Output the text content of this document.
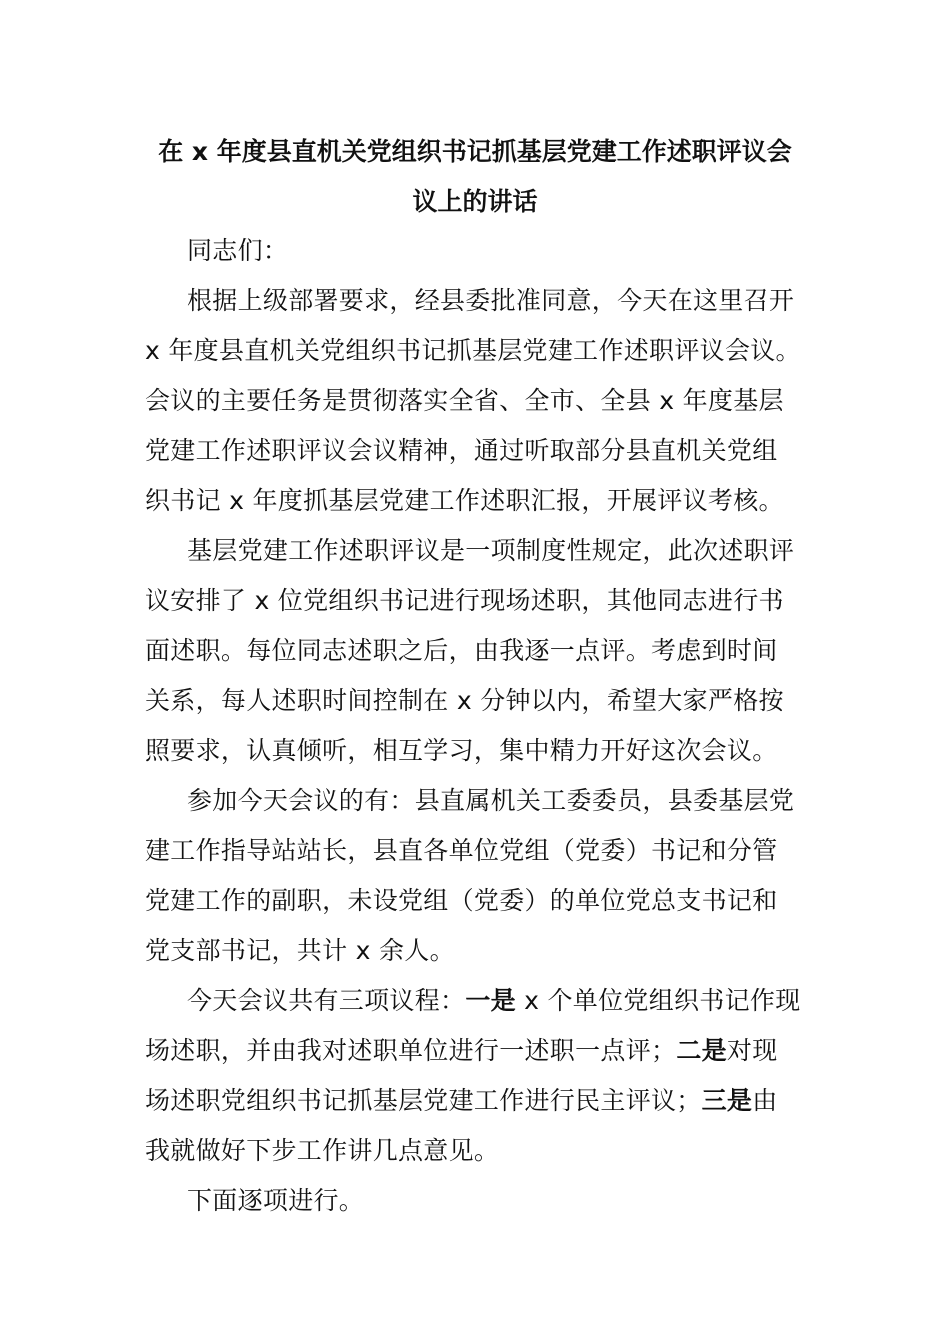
在 x 年度县直机关党组织书记抓基层党建工作述职评议会
议上的讲话
同志们：
根据上级部署要求，经县委批准同意，今天在这里召开
x 年度县直机关党组织书记抓基层党建工作述职评议会议。
会议的主要任务是贯彻落实全省、全市、全县 x 年度基层
党建工作述职评议会议精神，通过听取部分县直机关党组
织书记 x 年度抓基层党建工作述职汇报，开展评议考核。
基层党建工作述职评议是一项制度性规定，此次述职评
议安排了 x 位党组织书记进行现场述职，其他同志进行书
面述职。每位同志述职之后，由我逐一点评。考虑到时间
关系，每人述职时间控制在 x 分钟以内，希望大家严格按
照要求，认真倾听，相互学习，集中精力开好这次会议。
参加今天会议的有：县直属机关工委委员，县委基层党
建工作指导站站长，县直各单位党组（党委）书记和分管
党建工作的副职，未设党组（党委）的单位党总支书记和
党支部书记，共计 x 余人。
今天会议共有三项议程：一是 x 个单位党组织书记作现
场述职，并由我对述职单位进行一述职一点评；二是对现
场述职党组织书记抓基层党建工作进行民主评议；三是由
我就做好下步工作讲几点意见。
下面逐项进行。
